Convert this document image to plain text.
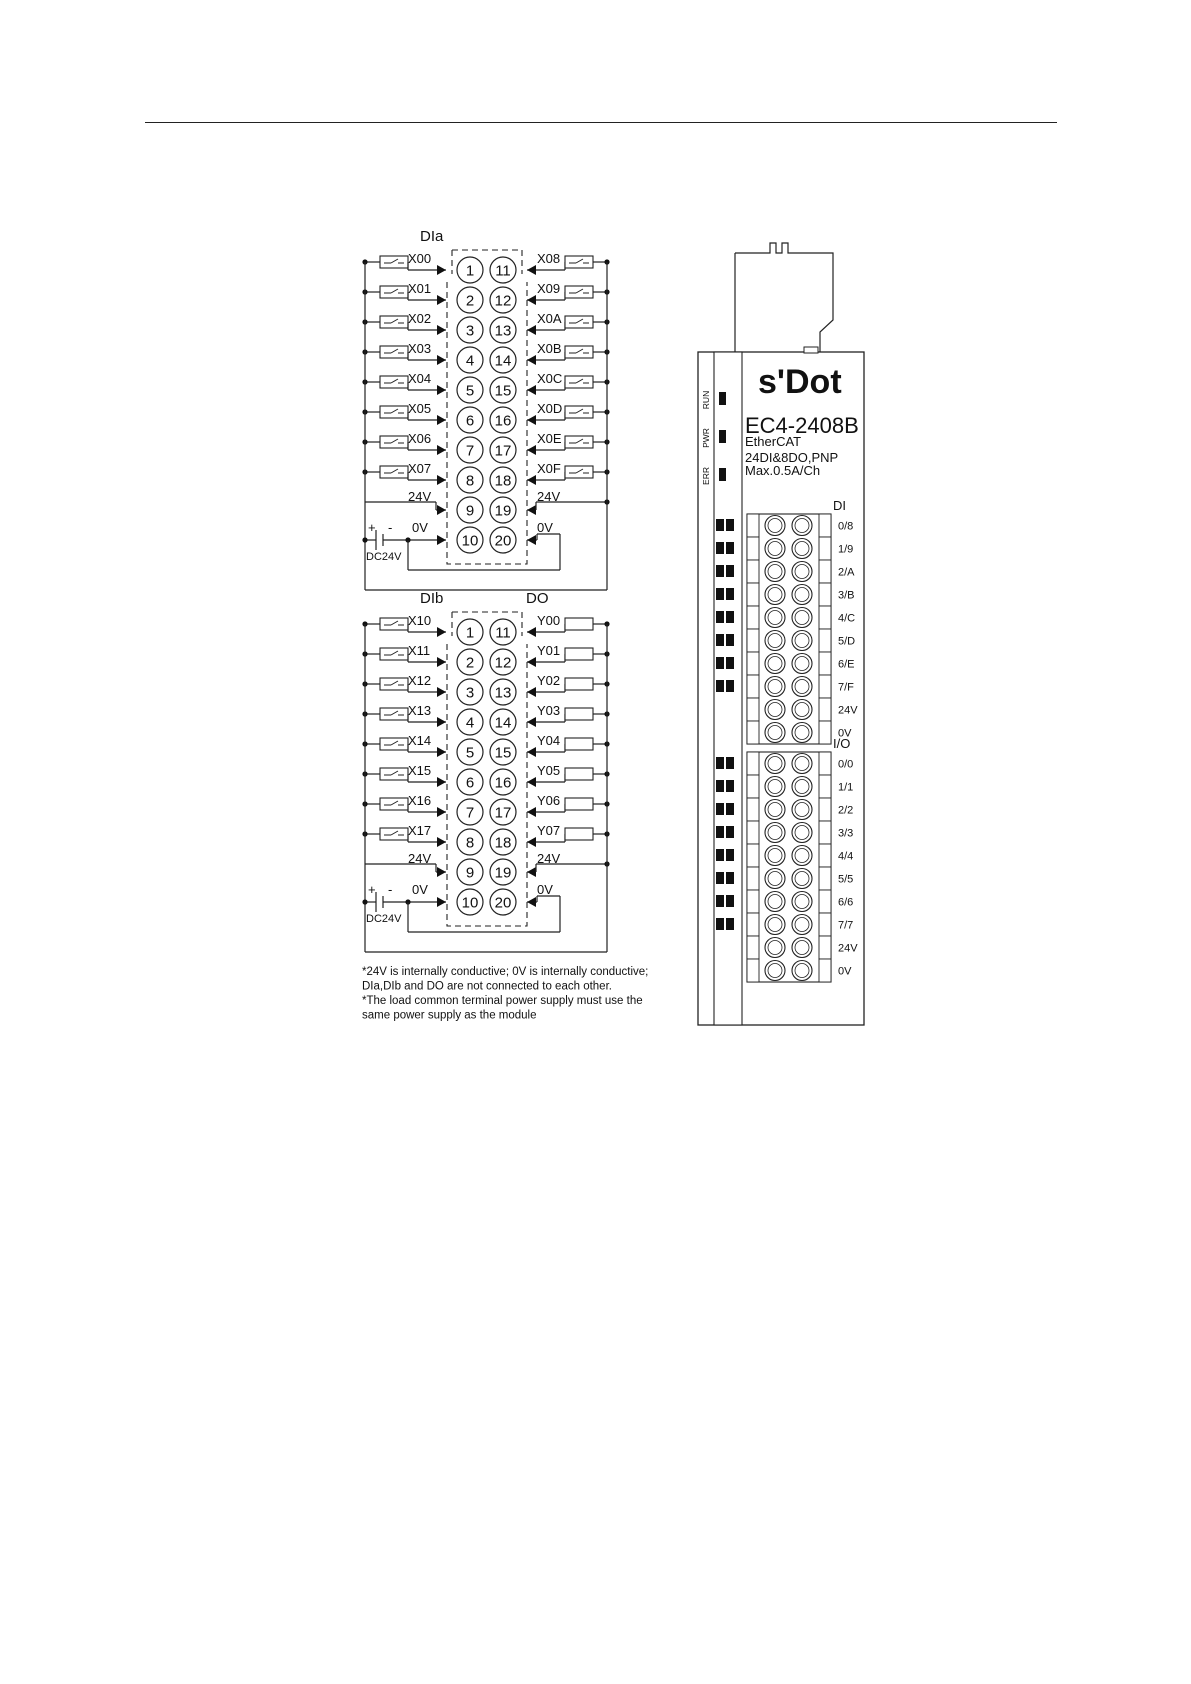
DIa
1 11
2 12
3 13
4 14
5 15
6 16
7 17
8 18
9 19
10 20
X00
X01
X02
X03
X04
X05
X06
X07
X08
X09
X0A
X0B
X0C
X0D
X0E
X0F
24V	24V
+ -
DC24V
0V	0V
DIb	DO
1 11
2 12
3 13
4 14
5 15
6 16
7 17
8 18
9 19
10 20
X10
X11
X12
X13
X14
X15
X16
X17
Y00
Y01
Y02
Y03
Y04
Y05
Y06
Y07
24V	24V
+ -
DC24V
0V	0V
*24V is internally conductive; 0V is internally conductive;
DIa,DIb and DO are not connected to each other.
*The load common terminal power supply must use the
same power supply as the module
s'Dot
EC4-2408B
EtherCAT
24DI&8DO,PNP
Max.0.5A/Ch
RUN
PWR
ERR
0/8
1/9
2/A
3/B
4/C
5/D
6/E
7/F
24V
0V
DI
0/0
1/1
2/2
3/3
4/4
5/5
6/6
7/7
24V
0V
I/O
